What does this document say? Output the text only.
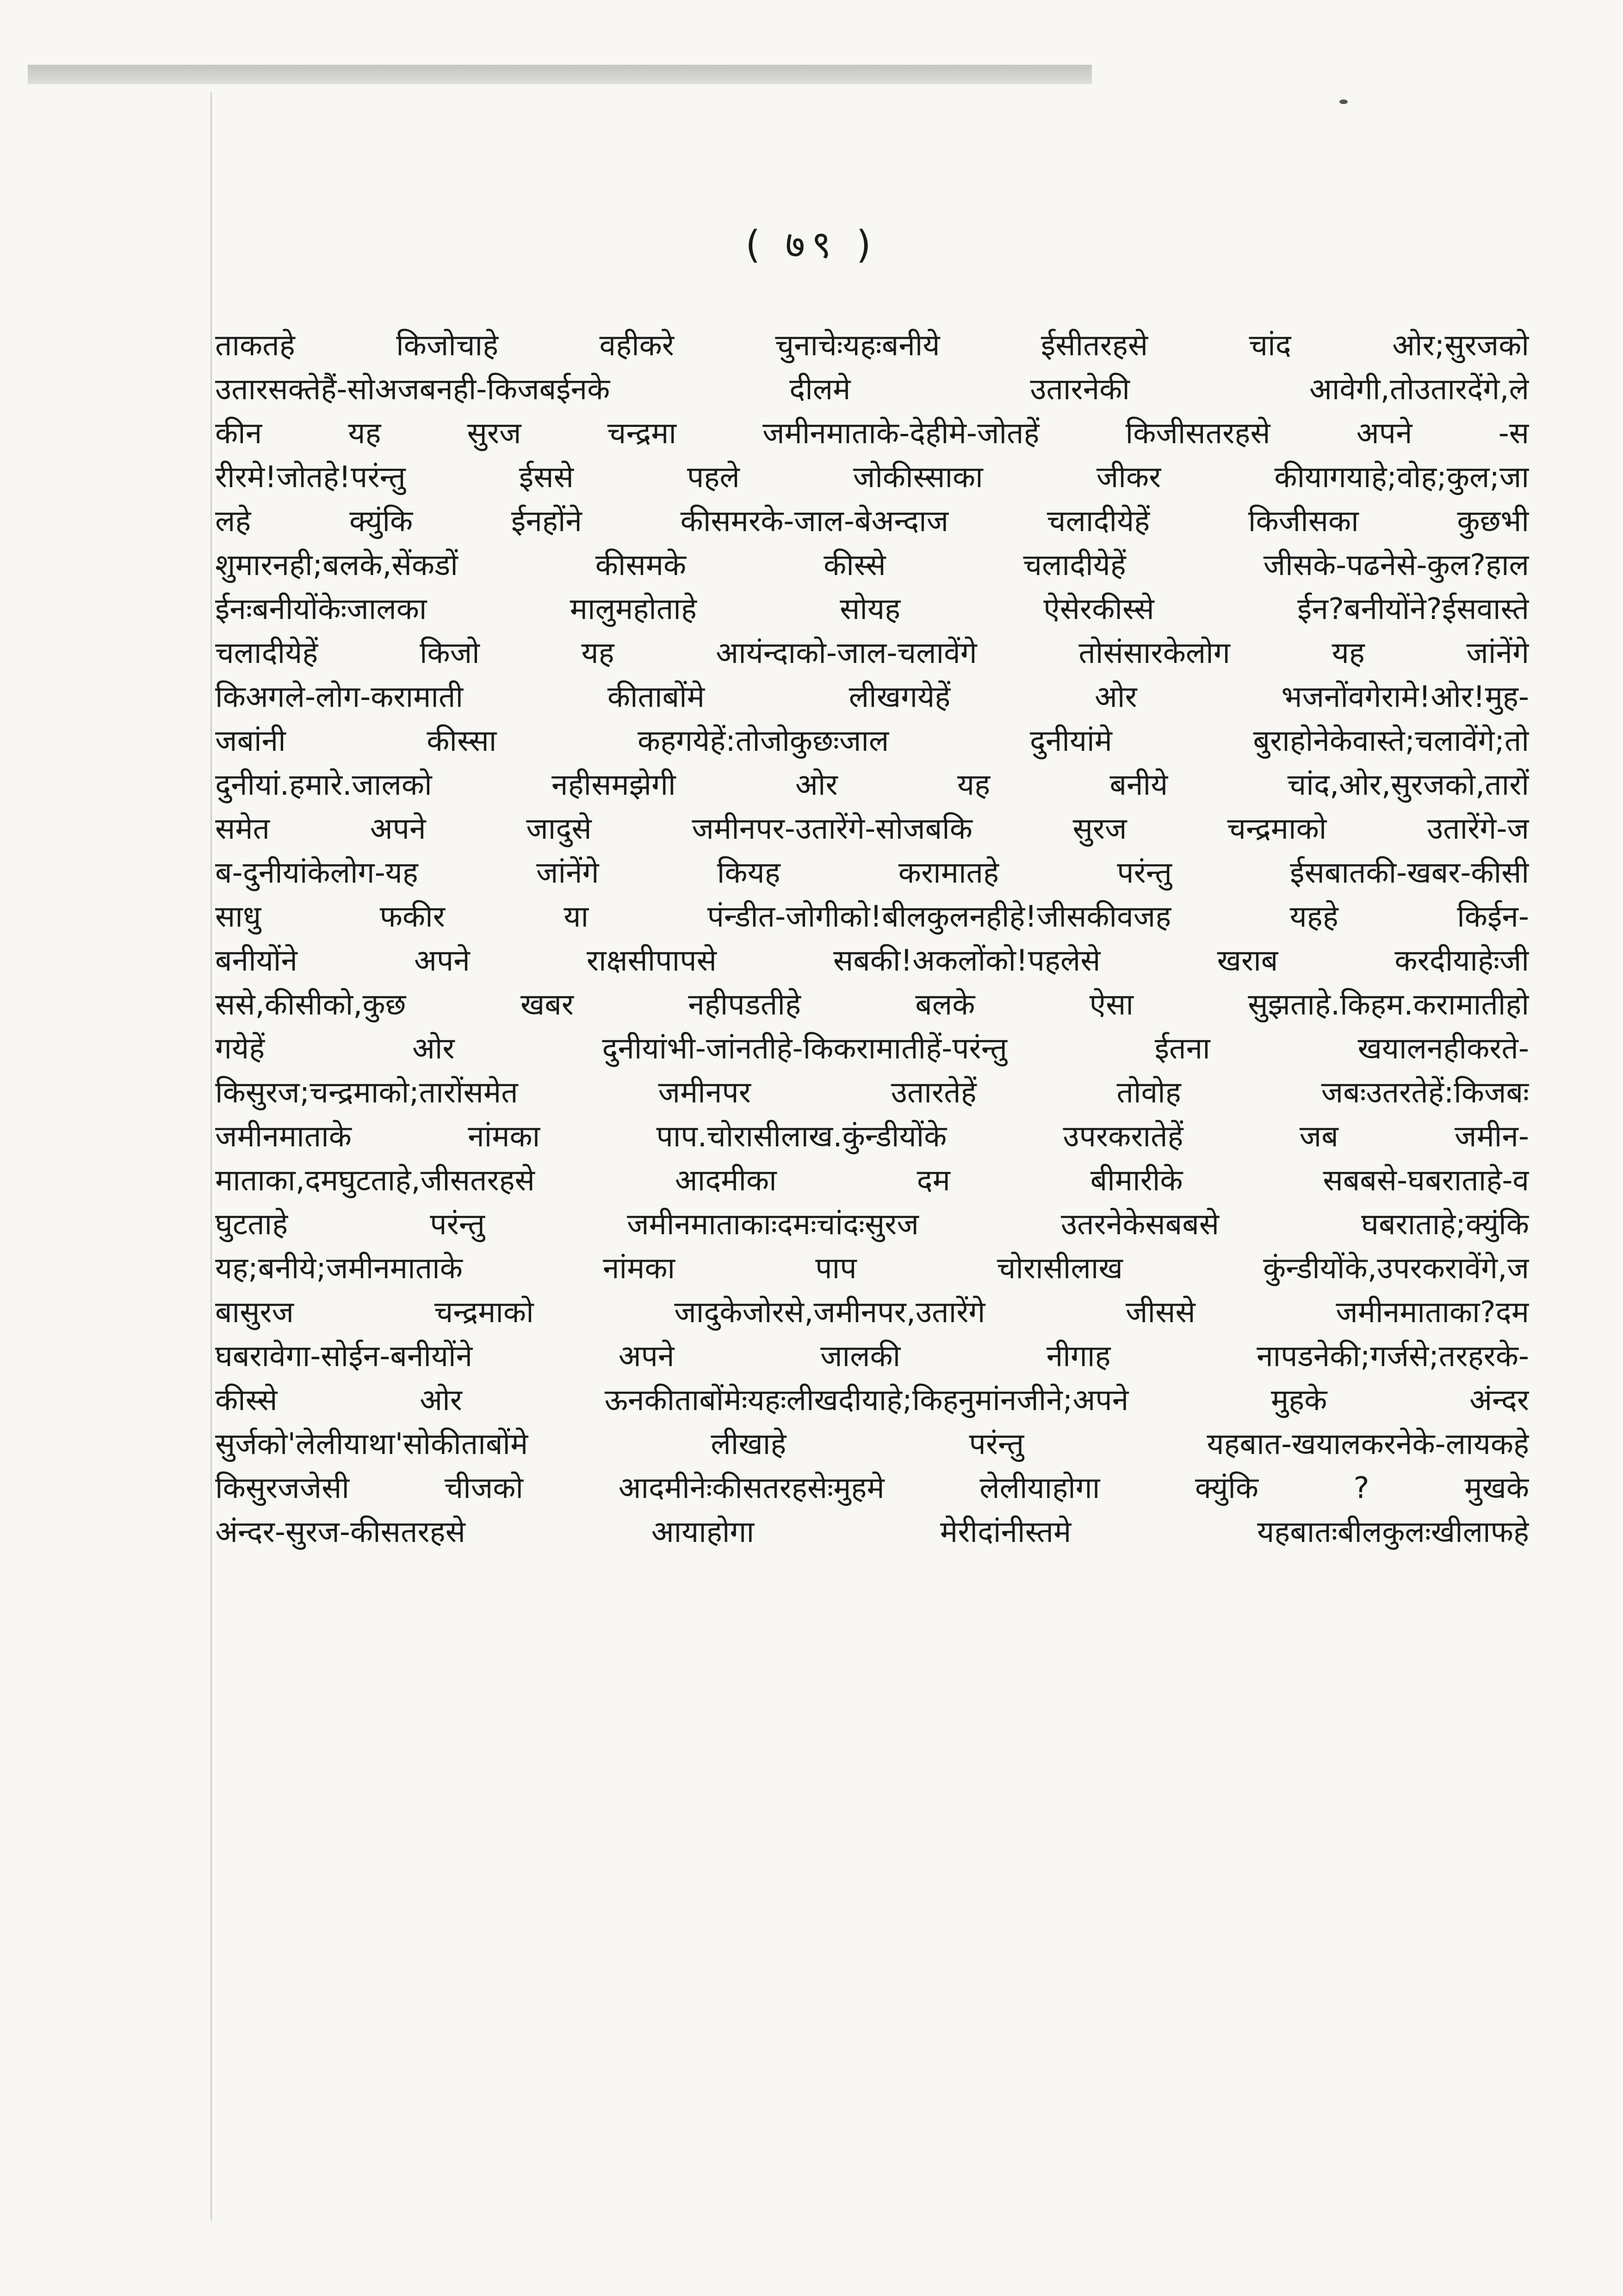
( ७९ )
ताकतहे किजोचाहे वहीकरे चुनाचेःयहःबनीये ईसीतरहसे चांद ओर;सुरजको
उतारसक्तेहैं-सोअजबनही-किजबईनके दीलमे उतारनेकी आवेगी,तोउतारदेंगे,ले
कीन यह सुरज चन्द्रमा जमीनमाताके-देहीमे-जोतहें किजीसतरहसे अपने -स
रीरमे!जोतहे!परंन्तु ईससे पहले जोकीस्साका जीकर कीयागयाहे;वोह;कुल;जा
लहे क्युंकि ईनहोंने कीसमरके-जाल-बेअन्दाज चलादीयेहें किजीसका कुछभी
शुमारनही;बलके,सेंकडों कीसमके कीस्से चलादीयेहें जीसके-पढनेसे-कुल?हाल
ईनःबनीयोंकेःजालका मालुमहोताहे सोयह ऐसेरकीस्से ईन?बनीयोंने?ईसवास्ते
चलादीयेहें किजो यह आयंन्दाको-जाल-चलावेंगे तोसंसारकेलोग यह जांनेंगे
किअगले-लोग-करामाती कीताबोंमे लीखगयेहें ओर भजनोंवगेरामे!ओर!मुह-
जबांनी कीस्सा कहगयेहें:तोजोकुछःजाल दुनीयांमे बुराहोनेकेवास्ते;चलावेंगे;तो
दुनीयां.हमारे.जालको नहीसमझेगी ओर यह बनीये चांद,ओर,सुरजको,तारों
समेत अपने जादुसे जमीनपर-उतारेंगे-सोजबकि सुरज चन्द्रमाको उतारेंगे-ज
ब-दुनीयांकेलोग-यह जांनेंगे कियह करामातहे परंन्तु ईसबातकी-खबर-कीसी
साधु फकीर या पंन्डीत-जोगीको!बीलकुलनहीहे!जीसकीवजह यहहे किईन-
बनीयोंने अपने राक्षसीपापसे सबकी!अकलोंको!पहलेसे खराब करदीयाहेःजी
ससे,कीसीको,कुछ खबर नहीपडतीहे बलके ऐसा सुझताहे.किहम.करामातीहो
गयेहें ओर दुनीयांभी-जांनतीहे-किकरामातीहें-परंन्तु ईतना खयालनहीकरते-
किसुरज;चन्द्रमाको;तारोंसमेत जमीनपर उतारतेहें तोवोह जबःउतरतेहें:किजबः
जमीनमाताके नांमका पाप.चोरासीलाख.कुंन्डीयोंके उपरकरातेहें जब जमीन-
माताका,दमघुटताहे,जीसतरहसे आदमीका दम बीमारीके सबबसे-घबराताहे-व
घुटताहे परंन्तु जमीनमाताकाःदमःचांदःसुरज उतरनेकेसबबसे घबराताहे;क्युंकि
यह;बनीये;जमीनमाताके नांमका पाप चोरासीलाख कुंन्डीयोंके,उपरकरावेंगे,ज
बासुरज चन्द्रमाको जादुकेजोरसे,जमीनपर,उतारेंगे जीससे जमीनमाताका?दम
घबरावेगा-सोईन-बनीयोंने अपने जालकी नीगाह नापडनेकी;गर्जसे;तरहरके-
कीस्से ओर ऊनकीताबोंमेःयहःलीखदीयाहे;किहनुमांनजीने;अपने मुहके अंन्दर
सुर्जको'लेलीयाथा'सोकीताबोंमे लीखाहे परंन्तु यहबात-खयालकरनेके-लायकहे
किसुरजजेसी चीजको आदमीनेःकीसतरहसेःमुहमे लेलीयाहोगा क्युंकि ? मुखके
अंन्दर-सुरज-कीसतरहसे आयाहोगा मेरीदांनीस्तमे यहबातःबीलकुलःखीलाफहे
